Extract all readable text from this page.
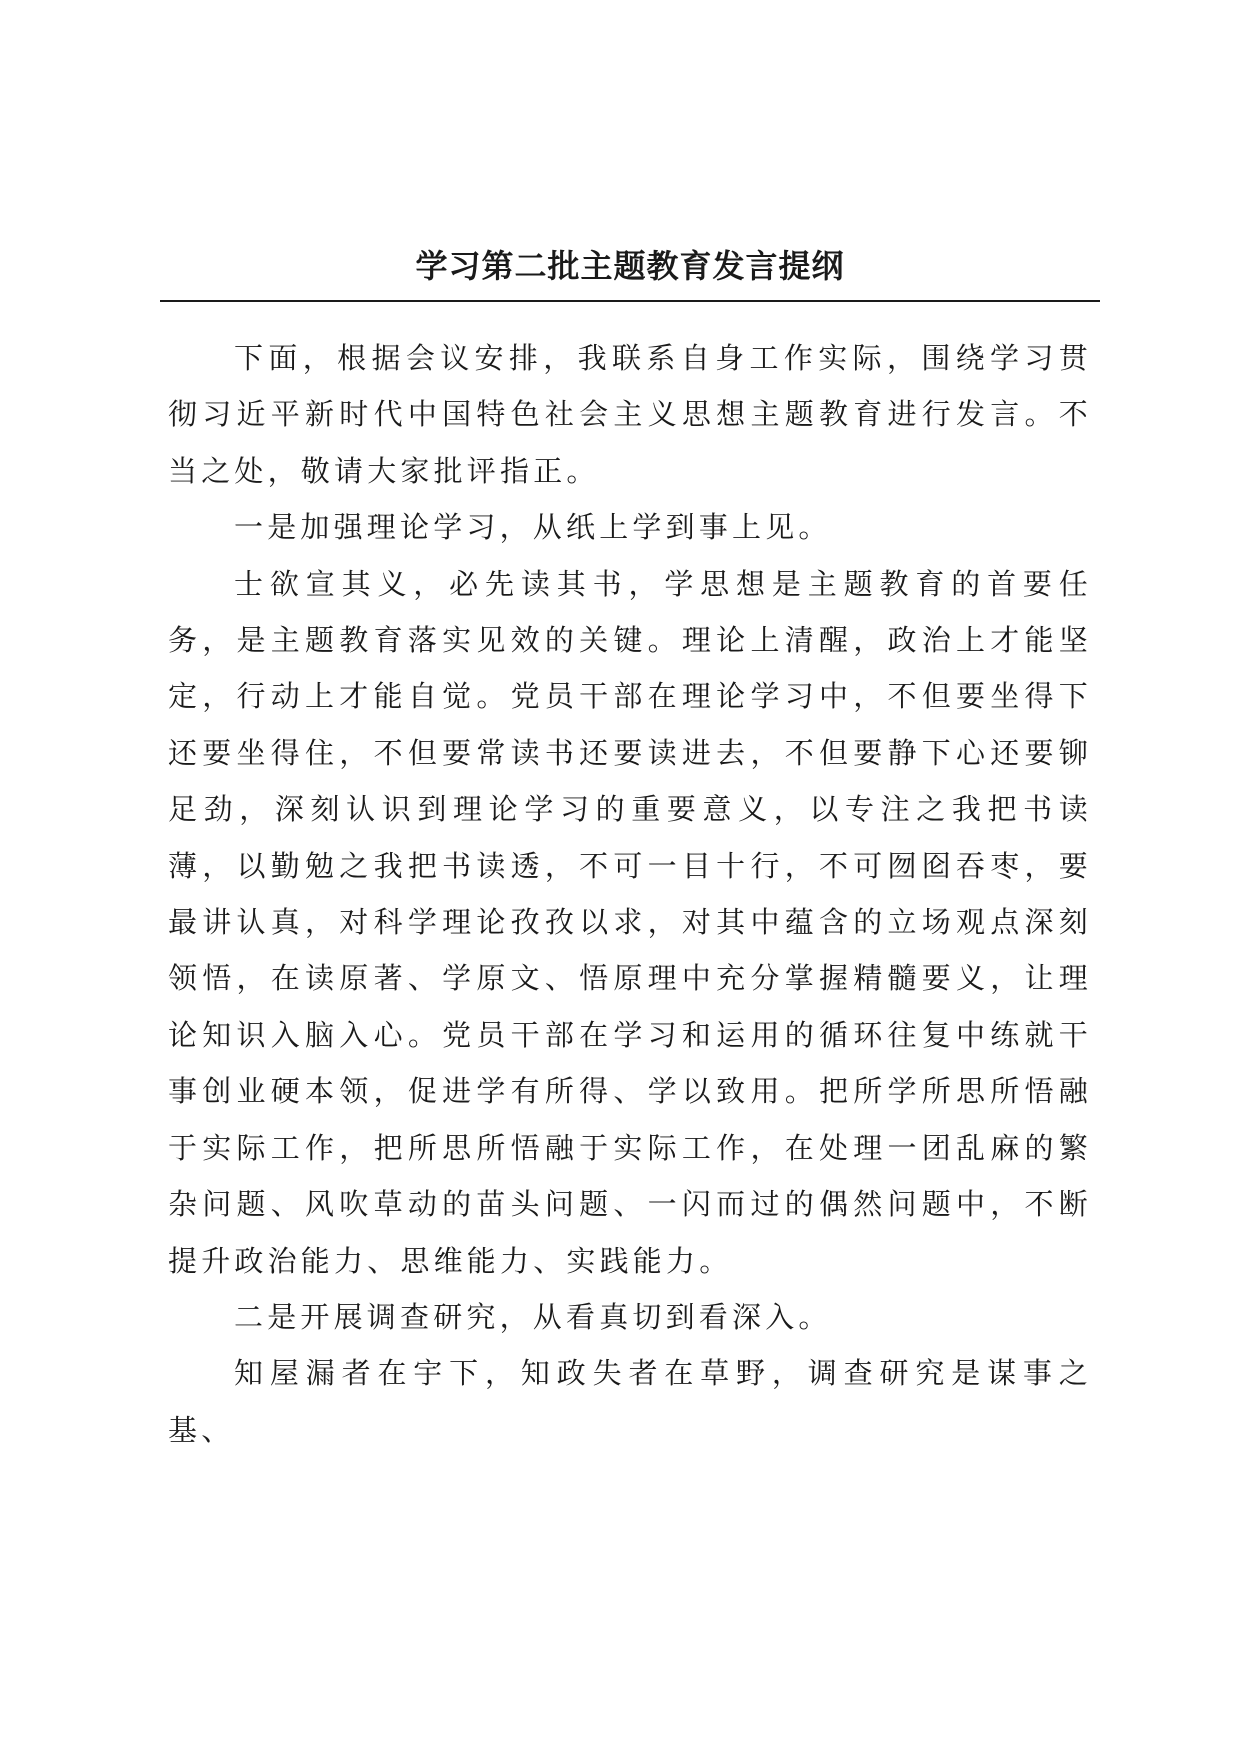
学习第二批主题教育发言提纲

下面，根据会议安排，我联系自身工作实际，围绕学习贯彻习近平新时代中国特色社会主义思想主题教育进行发言。不当之处，敬请大家批评指正。

一是加强理论学习，从纸上学到事上见。

士欲宣其义，必先读其书，学思想是主题教育的首要任务，是主题教育落实见效的关键。理论上清醒，政治上才能坚定，行动上才能自觉。党员干部在理论学习中，不但要坐得下还要坐得住，不但要常读书还要读进去，不但要静下心还要铆足劲，深刻认识到理论学习的重要意义，以专注之我把书读薄，以勤勉之我把书读透，不可一目十行，不可囫囵吞枣，要最讲认真，对科学理论孜孜以求，对其中蕴含的立场观点深刻领悟，在读原著、学原文、悟原理中充分掌握精髓要义，让理论知识入脑入心。党员干部在学习和运用的循环往复中练就干事创业硬本领，促进学有所得、学以致用。把所学所思所悟融于实际工作，把所思所悟融于实际工作，在处理一团乱麻的繁杂问题、风吹草动的苗头问题、一闪而过的偶然问题中，不断提升政治能力、思维能力、实践能力。

二是开展调查研究，从看真切到看深入。

知屋漏者在宇下，知政失者在草野，调查研究是谋事之基、
